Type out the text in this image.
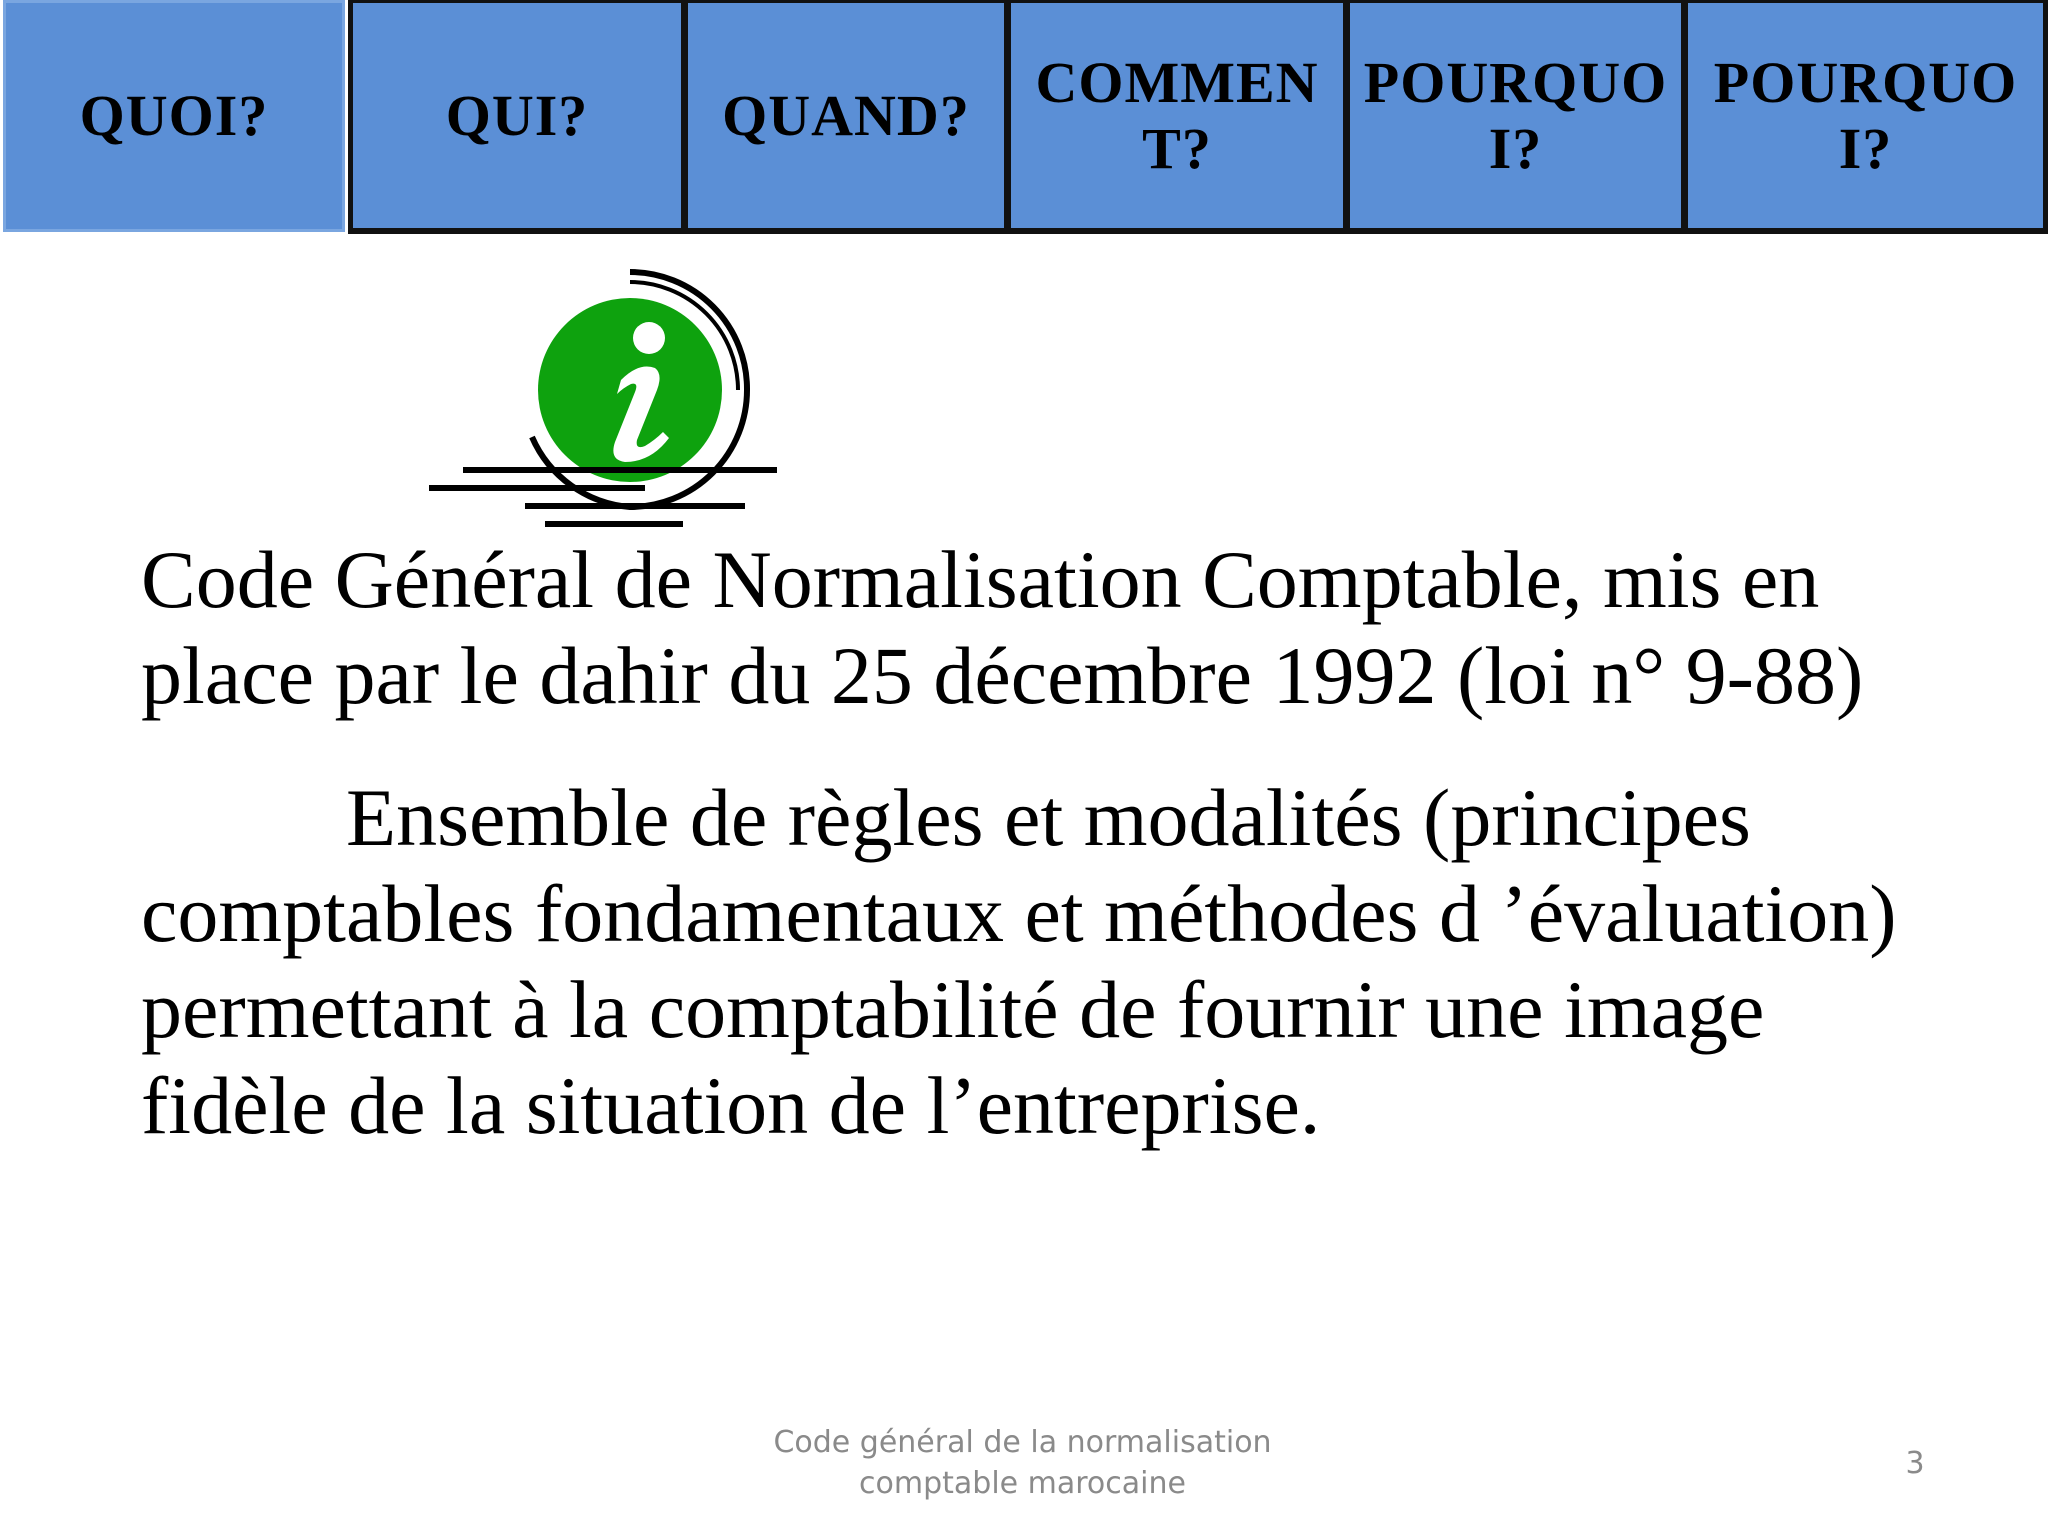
QUOI?	QUI?	QUAND?
COMMENT?
POURQUOI?
POURQUOI?

Code Général de Normalisation Comptable, mis en place par le dahir du 25 décembre 1992 (loi n° 9-88)

Ensemble de règles et modalités (principes comptables fondamentaux et méthodes d ’évaluation) permettant à la comptabilité de fournir une image fidèle de la situation de l’entreprise.

Code général de la normalisation comptable marocaine
3
